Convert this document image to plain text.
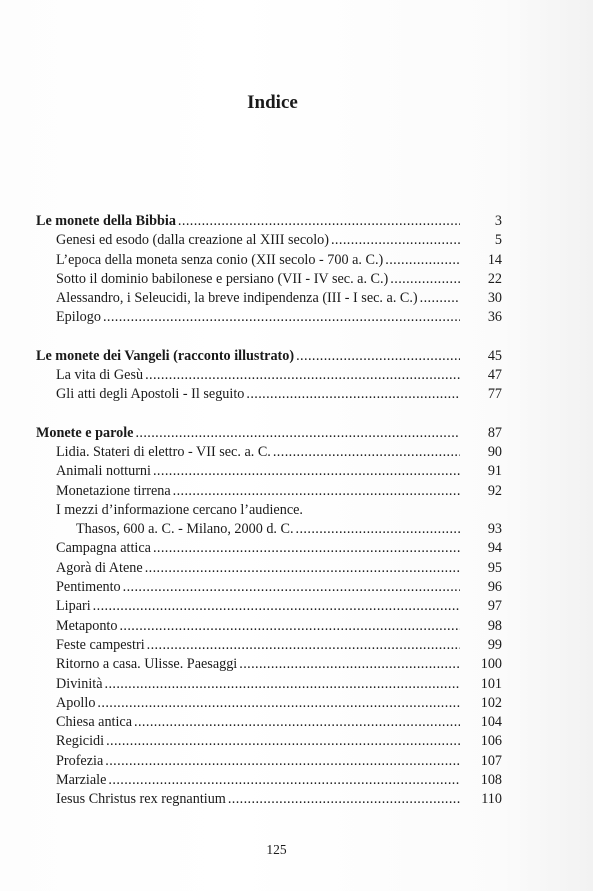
Indice
Le monete della Bibbia .....	3
Genesi ed esodo (dalla creazione al XIII secolo) .....	5
L’epoca della moneta senza conio (XII secolo - 700 a. C.) .....	14
Sotto il dominio babilonese e persiano (VII - IV sec. a. C.) .....	22
Alessandro, i Seleucidi, la breve indipendenza (III - I sec. a. C.) .....	30
Epilogo .....	36
Le monete dei Vangeli (racconto illustrato) .....	45
La vita di Gesù .....	47
Gli atti degli Apostoli - Il seguito .....	77
Monete e parole .....	87
Lidia. Stateri di elettro - VII sec. a. C. .....	90
Animali notturni .....	91
Monetazione tirrena .....	92
I mezzi d’informazione cercano l’audience.
Thasos, 600 a. C. - Milano, 2000 d. C. .....	93
Campagna attica .....	94
Agorà di Atene .....	95
Pentimento .....	96
Lipari .....	97
Metaponto .....	98
Feste campestri .....	99
Ritorno a casa. Ulisse. Paesaggi .....	100
Divinità .....	101
Apollo .....	102
Chiesa antica .....	104
Regicidi .....	106
Profezia .....	107
Marziale .....	108
Iesus Christus rex regnantium .....	110
125
